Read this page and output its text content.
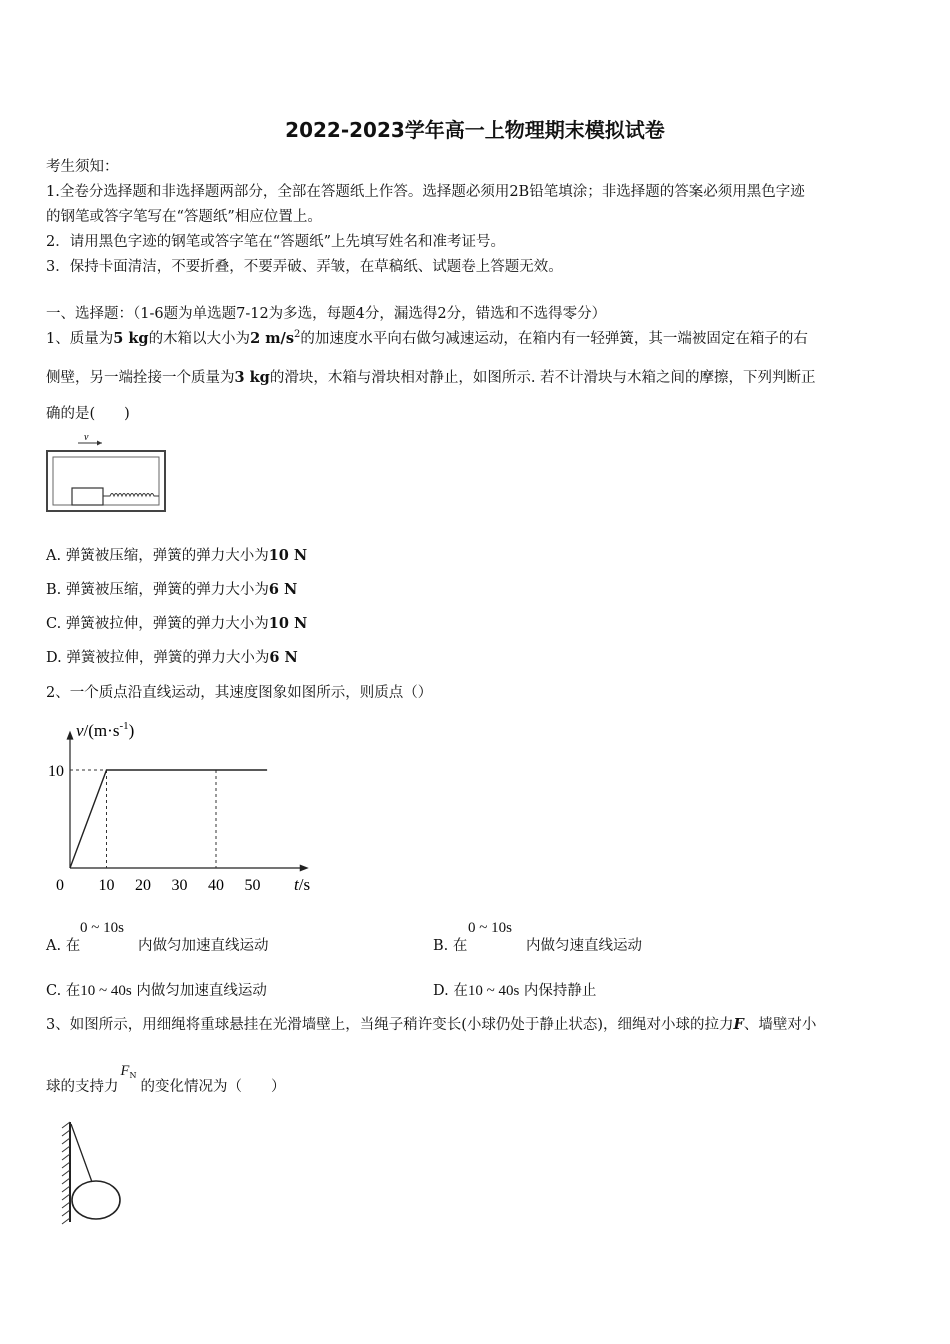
2022-2023学年高一上物理期末模拟试卷
考生须知：
1.全卷分选择题和非选择题两部分，全部在答题纸上作答。选择题必须用2B铅笔填涂；非选择题的答案必须用黑色字迹
的钢笔或答字笔写在“答题纸”相应位置上。
2．请用黑色字迹的钢笔或答字笔在“答题纸”上先填写姓名和准考证号。
3．保持卡面清洁，不要折叠，不要弄破、弄皱，在草稿纸、试题卷上答题无效。
一、选择题：（1-6题为单选题7-12为多选，每题4分，漏选得2分，错选和不选得零分）
1、质量为5 kg的木箱以大小为2 $m/s^2$的加速度水平向右做匀减速运动，在箱内有一轻弹簧，其一端被固定在箱子的右
侧壁，另一端拴接一个质量为3 kg的滑块，木箱与滑块相对静止，如图所示. 若不计滑块与木箱之间的摩擦，下列判断正
确的是(　　)
v
A. 弹簧被压缩，弹簧的弹力大小为10 N
B. 弹簧被压缩，弹簧的弹力大小为6 N
C. 弹簧被拉伸，弹簧的弹力大小为10 N
D. 弹簧被拉伸，弹簧的弹力大小为6 N
2、一个质点沿直线运动，其速度图象如图所示，则质点（）
$v/(m\cdot s^{-1})$
t/s
0 10 20 30 40 50
10
A. 在
0 ~ 10s
内做匀加速直线运动	B. 在
0 ~ 10s
内做匀速直线运动
C. 在10 ~ 40s 内做匀加速直线运动	D. 在10 ~ 40s 内保持静止
3、如图所示，用细绳将重球悬挂在光滑墙壁上，当绳子稍许变长(小球仍处于静止状态)，细绳对小球的拉力F、墙壁对小
球的支持力
F N
的变化情况为（　　）
